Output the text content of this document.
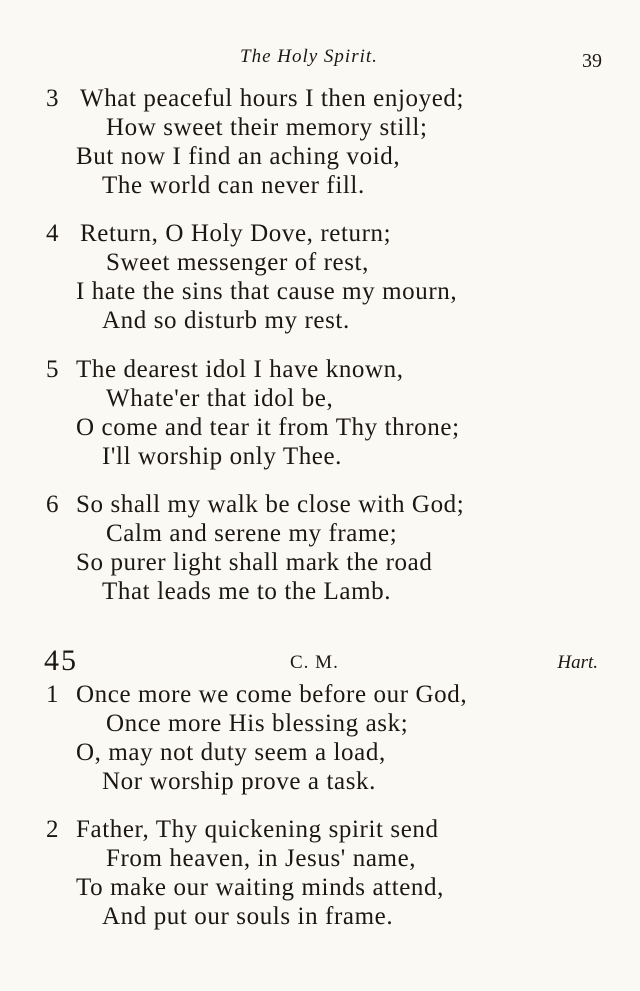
The Holy Spirit.	39
3 What peaceful hours I then enjoyed;
How sweet their memory still;
But now I find an aching void,
The world can never fill.
4 Return, O Holy Dove, return;
Sweet messenger of rest,
I hate the sins that cause my mourn,
And so disturb my rest.
5 The dearest idol I have known,
Whate'er that idol be,
O come and tear it from Thy throne;
I'll worship only Thee.
6 So shall my walk be close with God;
Calm and serene my frame;
So purer light shall mark the road
That leads me to the Lamb.
45	C. M.	Hart.
1 Once more we come before our God,
Once more His blessing ask;
O, may not duty seem a load,
Nor worship prove a task.
2 Father, Thy quickening spirit send
From heaven, in Jesus' name,
To make our waiting minds attend,
And put our souls in frame.
